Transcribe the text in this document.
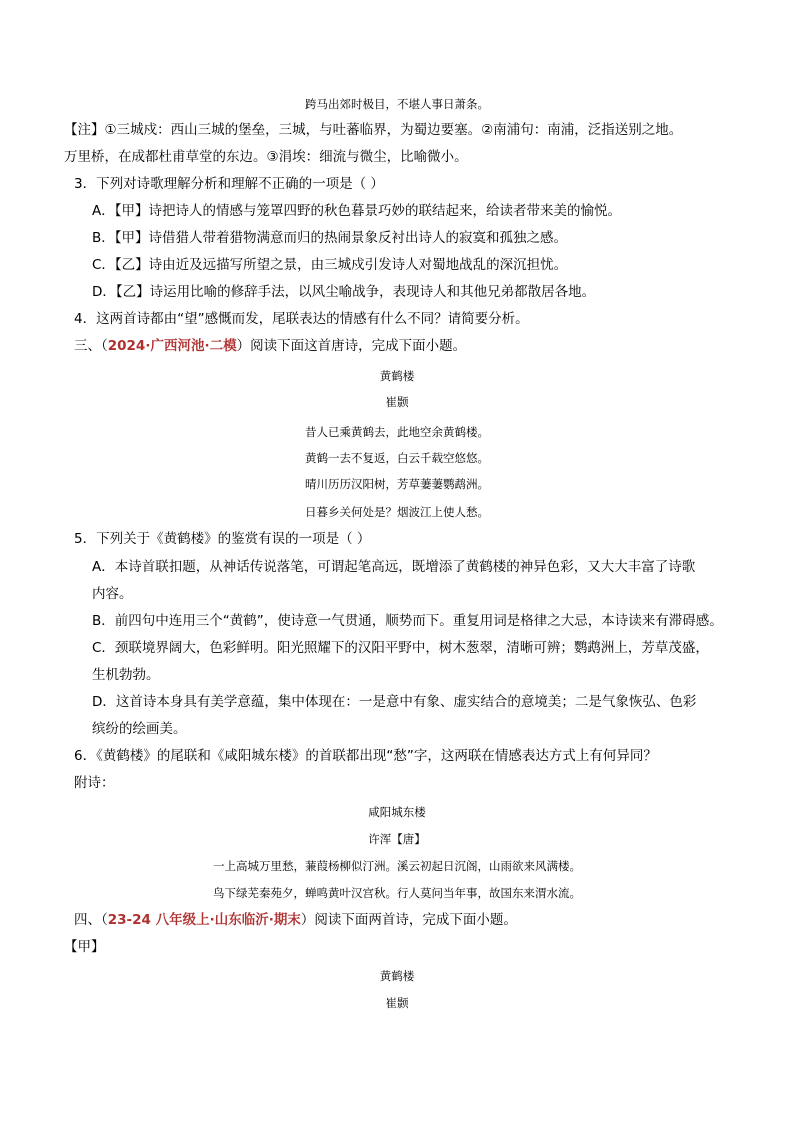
跨马出郊时极目，不堪人事日萧条。
【注】①三城戍：西山三城的堡垒，三城，与吐蕃临界，为蜀边要塞。②南浦句：南浦，泛指送别之地。
万里桥，在成都杜甫草堂的东边。③涓埃：细流与微尘，比喻微小。
3．下列对诗歌理解分析和理解不正确的一项是（ ）
A．【甲】诗把诗人的情感与笼罩四野的秋色暮景巧妙的联结起来，给读者带来美的愉悦。
B．【甲】诗借猎人带着猎物满意而归的热闹景象反衬出诗人的寂寞和孤独之感。
C．【乙】诗由近及远描写所望之景，由三城戍引发诗人对蜀地战乱的深沉担忧。
D．【乙】诗运用比喻的修辞手法，以风尘喻战争，表现诗人和其他兄弟都散居各地。
4．这两首诗都由“望”感慨而发，尾联表达的情感有什么不同？请简要分析。
三、（2024·广西河池·二模）阅读下面这首唐诗，完成下面小题。
黄鹤楼
崔颢
昔人已乘黄鹤去，此地空余黄鹤楼。
黄鹤一去不复返，白云千载空悠悠。
晴川历历汉阳树，芳草萋萋鹦鹉洲。
日暮乡关何处是？烟波江上使人愁。
5．下列关于《黄鹤楼》的鉴赏有误的一项是（ ）
A．本诗首联扣题，从神话传说落笔，可谓起笔高远，既增添了黄鹤楼的神异色彩，又大大丰富了诗歌
内容。
B．前四句中连用三个“黄鹤”，使诗意一气贯通，顺势而下。重复用词是格律之大忌，本诗读来有滞碍感。
C．颈联境界阔大，色彩鲜明。阳光照耀下的汉阳平野中，树木葱翠，清晰可辨；鹦鹉洲上，芳草茂盛，
生机勃勃。
D．这首诗本身具有美学意蕴，集中体现在：一是意中有象、虚实结合的意境美；二是气象恢弘、色彩
缤纷的绘画美。
6．《黄鹤楼》的尾联和《咸阳城东楼》的首联都出现“愁”字，这两联在情感表达方式上有何异同？
附诗：
咸阳城东楼
许浑【唐】
一上高城万里愁，蒹葭杨柳似汀洲。溪云初起日沉阁，山雨欲来风满楼。
鸟下绿芜秦苑夕，蝉鸣黄叶汉宫秋。行人莫问当年事，故国东来渭水流。
四、（23-24 八年级上·山东临沂·期末）阅读下面两首诗，完成下面小题。
【甲】
黄鹤楼
崔颢
